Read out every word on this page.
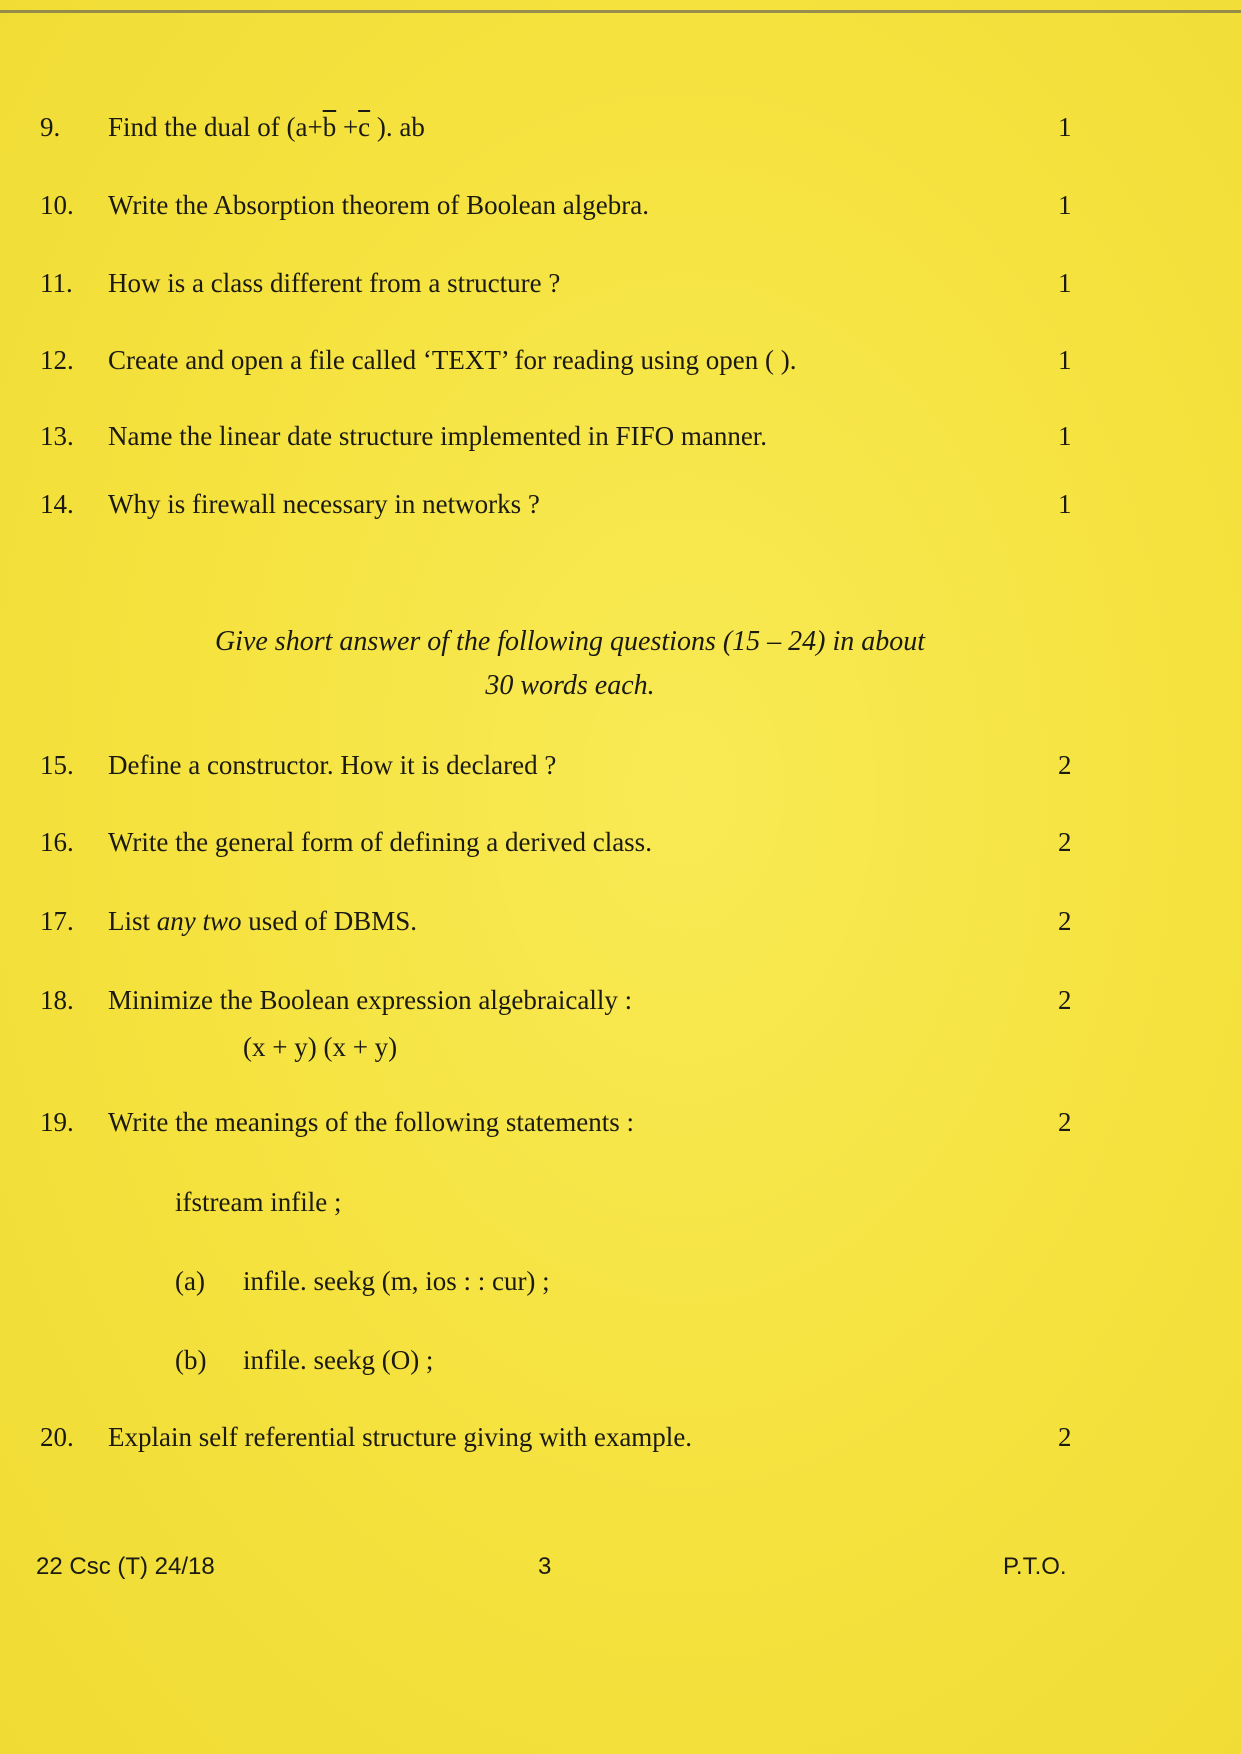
9. Find the dual of ($a+\overline{b} +\overline{c}$ ). ab	1
10. Write the Absorption theorem of Boolean algebra.	1
11. How is a class different from a structure ?	1
12. Create and open a file called ‘TEXT’ for reading using open ( ).	1
13. Name the linear date structure implemented in FIFO manner.	1
14. Why is firewall necessary in networks ?	1
Give short answer of the following questions (15 – 24) in about
30 words each.
15. Define a constructor. How it is declared ?	2
16. Write the general form of defining a derived class.	2
17. List any two used of DBMS.	2
18. Minimize the Boolean expression algebraically :	2
(x + y) (x + y)
19. Write the meanings of the following statements :	2
ifstream infile ;
(a) infile. seekg (m, ios : : cur) ;
(b) infile. seekg (O) ;
20. Explain self referential structure giving with example.	2
22 Csc (T) 24/18	3	P.T.O.
